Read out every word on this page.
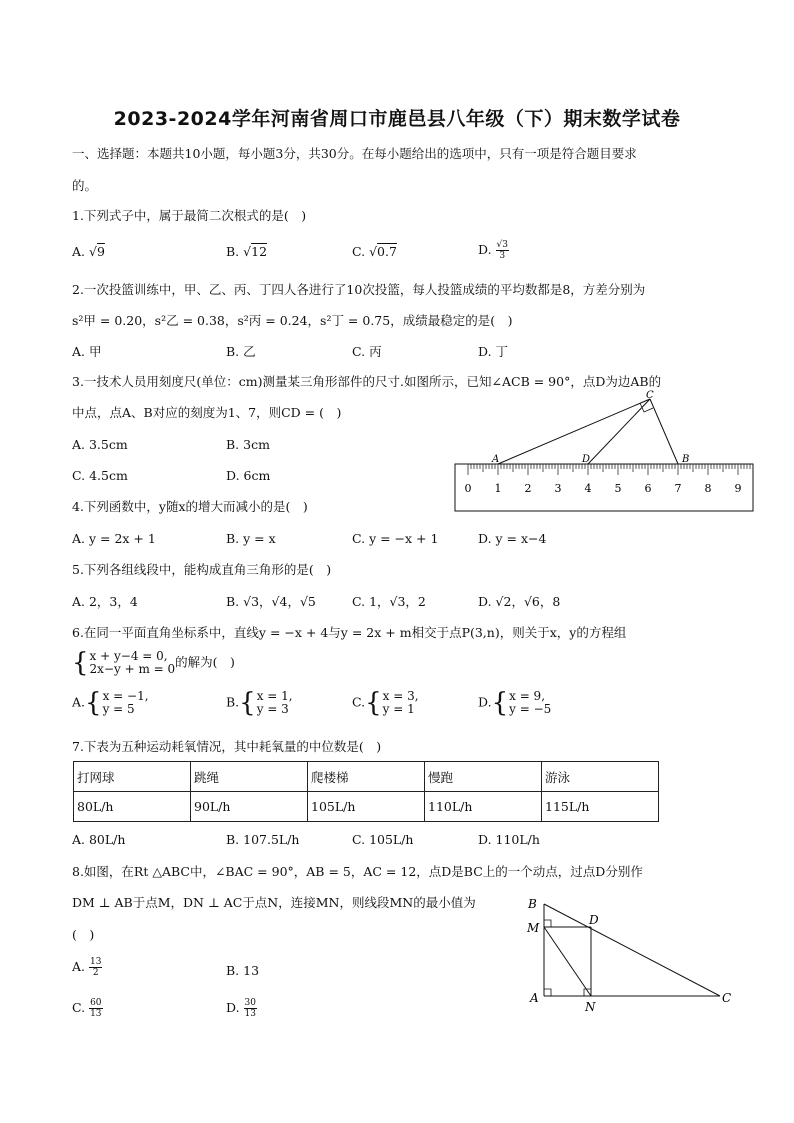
2023-2024学年河南省周口市鹿邑县八年级（下）期末数学试卷
一、选择题：本题共10小题，每小题3分，共30分。在每小题给出的选项中，只有一项是符合题目要求
的。
1.下列式子中，属于最简二次根式的是(　)
A. √9	B. √12	C. √0.7	D. $\frac{√3}{3}$
2.一次投篮训练中，甲、乙、丙、丁四人各进行了10次投篮，每人投篮成绩的平均数都是8，方差分别为
s²甲 = 0.20，s²乙 = 0.38，s²丙 = 0.24，s²丁 = 0.75，成绩最稳定的是(　)
A. 甲	B. 乙	C. 丙	D. 丁
3.一技术人员用刻度尺(单位：cm)测量某三角形部件的尺寸.如图所示，已知∠ACB = 90°，点D为边AB的
中点，点A、B对应的刻度为1、7，则CD = (　)
A. 3.5cm	B. 3cm
C. 4.5cm	D. 6cm
A	D	B
C
0 1 2 3 4 5 6 7 8 9
4.下列函数中，y随x的增大而减小的是(　)
A. y = 2x + 1	B. y = x	C. y = −x + 1	D. y = x−4
5.下列各组线段中，能构成直角三角形的是(　)
A. 2，3，4	B. √3，√4，√5	C. 1，√3，2	D. √2，√6，8
6.在同一平面直角坐标系中，直线y = −x + 4与y = 2x + m相交于点P(3,n)，则关于x，y的方程组
{ x + y−4 = 0,
2x−y + m = 0 的解为(　)
A.{ x = −1,
y = 5	B.{ x = 1,
y = 3	C.{ x = 3,
y = 1	D.{ x = 9,
y = −5
7.下表为五种运动耗氧情况，其中耗氧量的中位数是(　)
打网球	跳绳	爬楼梯	慢跑	游泳
80L/h	90L/h	105L/h	110L/h	115L/h
A. 80L/h	B. 107.5L/h	C. 105L/h	D. 110L/h
8.如图，在Rt △ABC中，∠BAC = 90°，AB = 5，AC = 12，点D是BC上的一个动点，过点D分别作
DM ⊥ AB于点M，DN ⊥ AC于点N，连接MN，则线段MN的最小值为
(　)
A. $\frac{13}{2}$	B. 13
C. $\frac{60}{13}$	D. $\frac{30}{13}$
B
D
M
A
N
C
